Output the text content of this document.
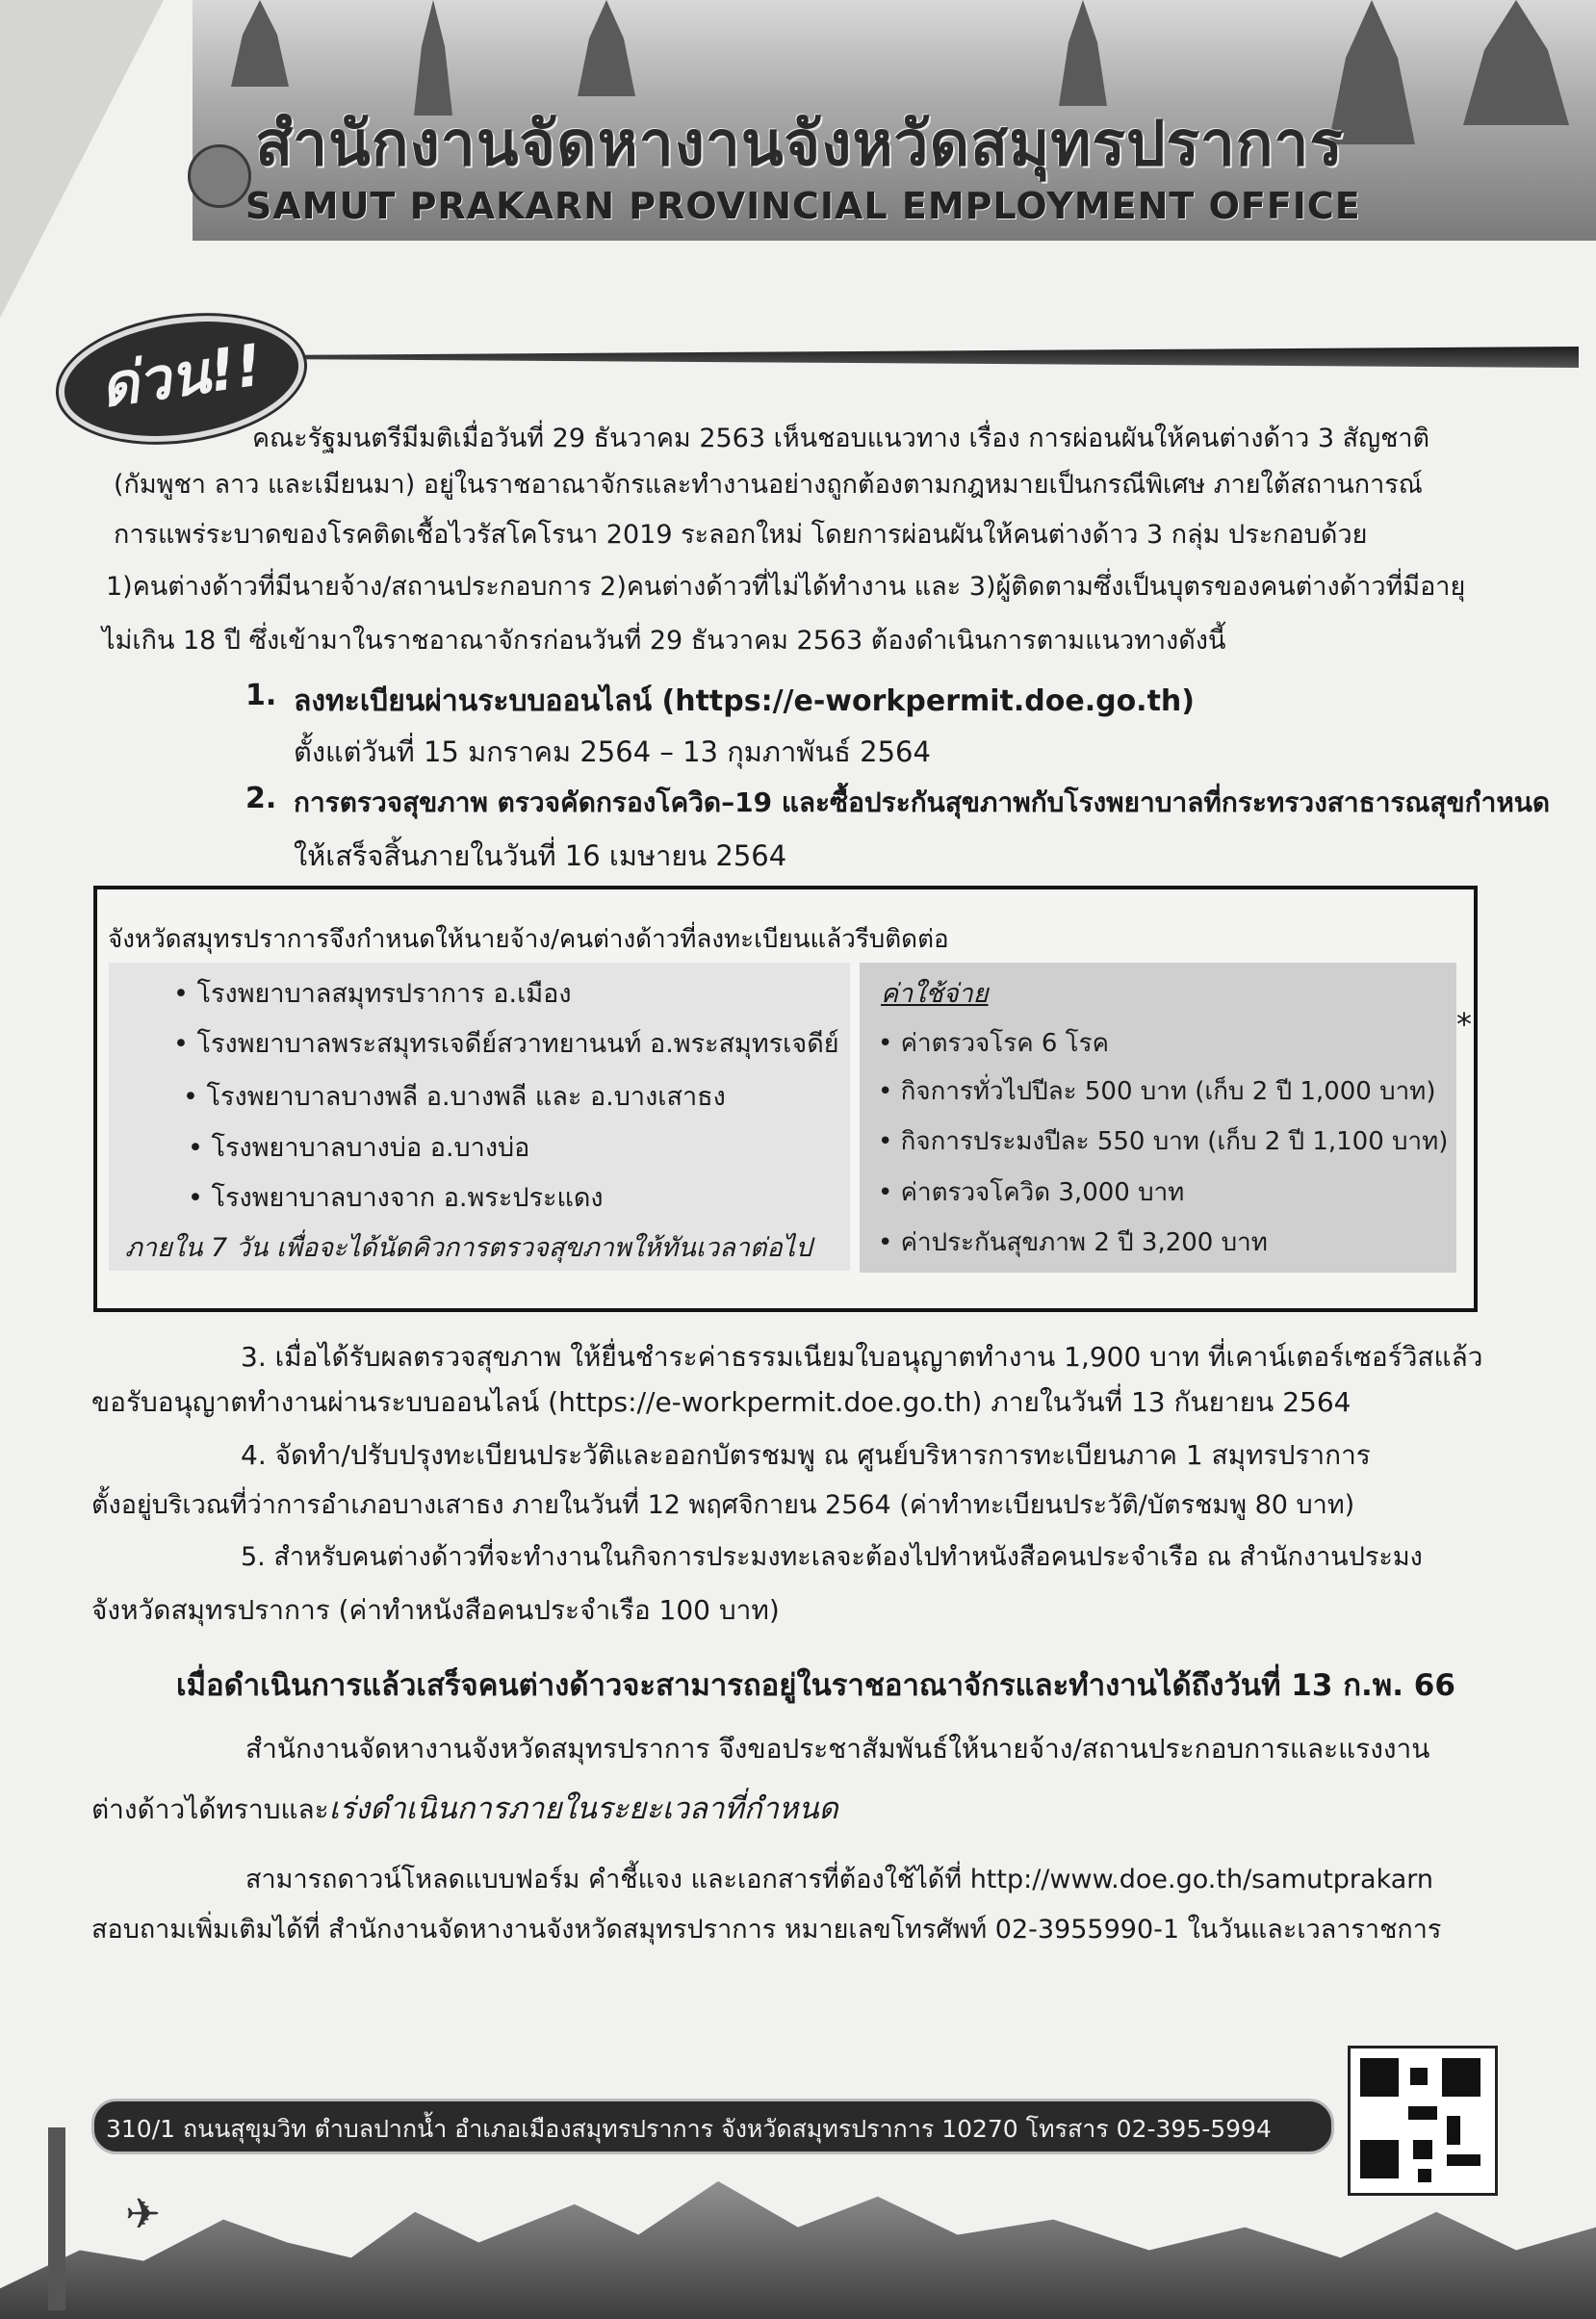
สำนักงานจัดหางานจังหวัดสมุทรปราการ
SAMUT PRAKARN PROVINCIAL EMPLOYMENT OFFICE
ด่วน!!
คณะรัฐมนตรีมีมติเมื่อวันที่ 29 ธันวาคม 2563 เห็นชอบแนวทาง เรื่อง การผ่อนผันให้คนต่างด้าว 3 สัญชาติ
(กัมพูชา ลาว และเมียนมา) อยู่ในราชอาณาจักรและทำงานอย่างถูกต้องตามกฎหมายเป็นกรณีพิเศษ ภายใต้สถานการณ์
การแพร่ระบาดของโรคติดเชื้อไวรัสโคโรนา 2019 ระลอกใหม่ โดยการผ่อนผันให้คนต่างด้าว 3 กลุ่ม ประกอบด้วย
1)คนต่างด้าวที่มีนายจ้าง/สถานประกอบการ 2)คนต่างด้าวที่ไม่ได้ทำงาน และ 3)ผู้ติดตามซึ่งเป็นบุตรของคนต่างด้าวที่มีอายุ
ไม่เกิน 18 ปี ซึ่งเข้ามาในราชอาณาจักรก่อนวันที่ 29 ธันวาคม 2563 ต้องดำเนินการตามแนวทางดังนี้
1. ลงทะเบียนผ่านระบบออนไลน์ (https://e-workpermit.doe.go.th)
ตั้งแต่วันที่ 15 มกราคม 2564 – 13 กุมภาพันธ์ 2564
2. การตรวจสุขภาพ ตรวจคัดกรองโควิด–19 และซื้อประกันสุขภาพกับโรงพยาบาลที่กระทรวงสาธารณสุขกำหนด
ให้เสร็จสิ้นภายในวันที่ 16 เมษายน 2564
จังหวัดสมุทรปราการจึงกำหนดให้นายจ้าง/คนต่างด้าวที่ลงทะเบียนแล้วรีบติดต่อ
• โรงพยาบาลสมุทรปราการ อ.เมือง
• โรงพยาบาลพระสมุทรเจดีย์สวาทยานนท์ อ.พระสมุทรเจดีย์
• โรงพยาบาลบางพลี อ.บางพลี และ อ.บางเสาธง
• โรงพยาบาลบางบ่อ อ.บางบ่อ
• โรงพยาบาลบางจาก อ.พระประแดง
ภายใน 7 วัน เพื่อจะได้นัดคิวการตรวจสุขภาพให้ทันเวลาต่อไป
ค่าใช้จ่าย
• ค่าตรวจโรค 6 โรค
• กิจการทั่วไปปีละ 500 บาท (เก็บ 2 ปี 1,000 บาท)
• กิจการประมงปีละ 550 บาท (เก็บ 2 ปี 1,100 บาท)
• ค่าตรวจโควิด 3,000 บาท
• ค่าประกันสุขภาพ 2 ปี 3,200 บาท
*
3. เมื่อได้รับผลตรวจสุขภาพ ให้ยื่นชำระค่าธรรมเนียมใบอนุญาตทำงาน 1,900 บาท ที่เคาน์เตอร์เซอร์วิสแล้ว
ขอรับอนุญาตทำงานผ่านระบบออนไลน์ (https://e-workpermit.doe.go.th) ภายในวันที่ 13 กันยายน 2564
4. จัดทำ/ปรับปรุงทะเบียนประวัติและออกบัตรชมพู ณ ศูนย์บริหารการทะเบียนภาค 1 สมุทรปราการ
ตั้งอยู่บริเวณที่ว่าการอำเภอบางเสาธง ภายในวันที่ 12 พฤศจิกายน 2564 (ค่าทำทะเบียนประวัติ/บัตรชมพู 80 บาท)
5. สำหรับคนต่างด้าวที่จะทำงานในกิจการประมงทะเลจะต้องไปทำหนังสือคนประจำเรือ ณ สำนักงานประมง
จังหวัดสมุทรปราการ (ค่าทำหนังสือคนประจำเรือ 100 บาท)
เมื่อดำเนินการแล้วเสร็จคนต่างด้าวจะสามารถอยู่ในราชอาณาจักรและทำงานได้ถึงวันที่ 13 ก.พ. 66
สำนักงานจัดหางานจังหวัดสมุทรปราการ จึงขอประชาสัมพันธ์ให้นายจ้าง/สถานประกอบการและแรงงาน
ต่างด้าวได้ทราบและเร่งดำเนินการภายในระยะเวลาที่กำหนด
สามารถดาวน์โหลดแบบฟอร์ม คำชี้แจง และเอกสารที่ต้องใช้ได้ที่ http://www.doe.go.th/samutprakarn
สอบถามเพิ่มเติมได้ที่ สำนักงานจัดหางานจังหวัดสมุทรปราการ หมายเลขโทรศัพท์ 02-3955990-1 ในวันและเวลาราชการ
310/1 ถนนสุขุมวิท ตำบลปากน้ำ อำเภอเมืองสมุทรปราการ จังหวัดสมุทรปราการ 10270 โทรสาร 02-395-5994
✈
